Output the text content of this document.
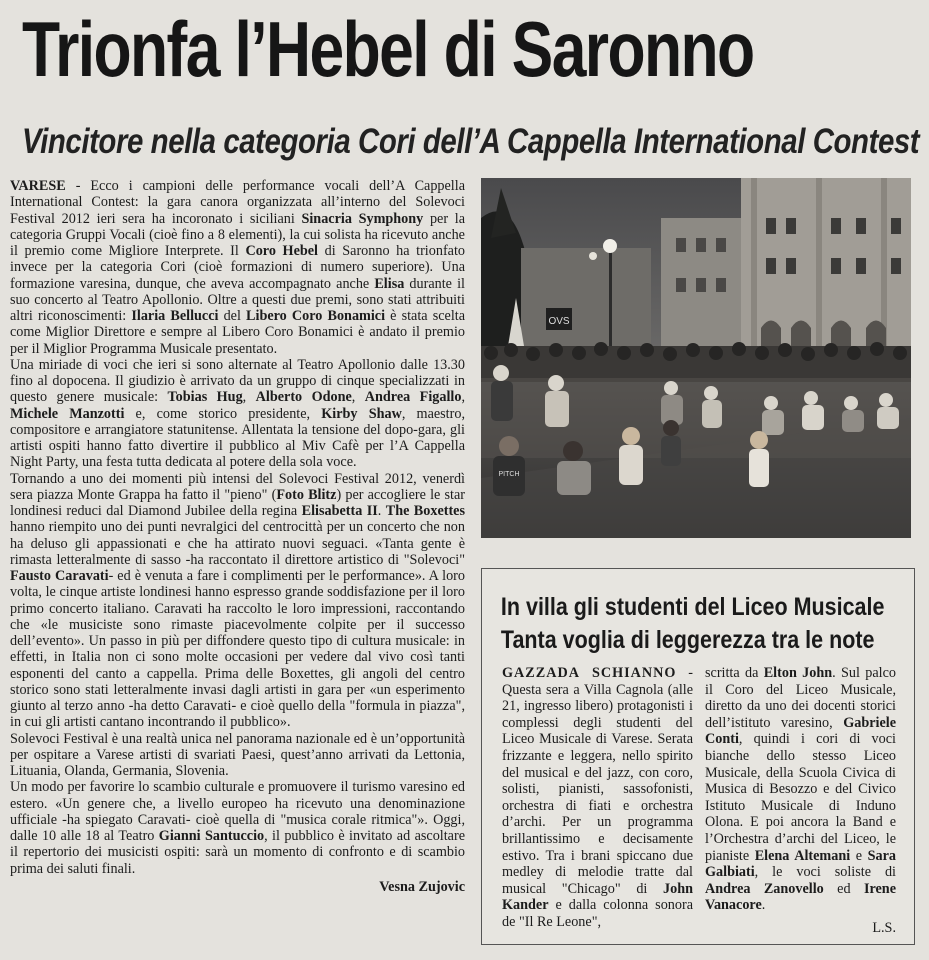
Trionfa l’Hebel di Saronno
Vincitore nella categoria Cori dell’A Cappella International Contest

VARESE - Ecco i campioni delle performance vocali dell’A Cappella International Contest: la gara canora organizzata all’interno del Solevoci Festival 2012 ieri sera ha incoronato i siciliani Sinacria Symphony per la categoria Gruppi Vocali (cioè fino a 8 elementi), la cui solista ha ricevuto anche il premio come Migliore Interprete. Il Coro Hebel di Saronno ha trionfato invece per la categoria Cori (cioè formazioni di numero superiore). Una formazione varesina, dunque, che aveva accompagnato anche Elisa durante il suo concerto al Teatro Apollonio. Oltre a questi due premi, sono stati attribuiti altri riconoscimenti: Ilaria Bellucci del Libero Coro Bonamici è stata scelta come Miglior Direttore e sempre al Libero Coro Bonamici è andato il premio per il Miglior Programma Musicale presentato.

Una miriade di voci che ieri si sono alternate al Teatro Apollonio dalle 13.30 fino al dopocena. Il giudizio è arrivato da un gruppo di cinque specializzati in questo genere musicale: Tobias Hug, Alberto Odone, Andrea Figallo, Michele Manzotti e, come storico presidente, Kirby Shaw, maestro, compositore e arrangiatore statunitense. Allentata la tensione del dopo-gara, gli artisti ospiti hanno fatto divertire il pubblico al Miv Cafè per l’A Cappella Night Party, una festa tutta dedicata al potere della sola voce.

Tornando a uno dei momenti più intensi del Solevoci Festival 2012, venerdì sera piazza Monte Grappa ha fatto il "pieno" (Foto Blitz) per accogliere le star londinesi reduci dal Diamond Jubilee della regina Elisabetta II. The Boxettes hanno riempito uno dei punti nevralgici del centrocittà per un concerto che non ha deluso gli appassionati e che ha attirato nuovi seguaci. «Tanta gente è rimasta letteralmente di sasso -ha raccontato il direttore artistico di "Solevoci" Fausto Caravati- ed è venuta a fare i complimenti per le performance». A loro volta, le cinque artiste londinesi hanno espresso grande soddisfazione per il loro primo concerto italiano. Caravati ha raccolto le loro impressioni, raccontando che «le musiciste sono rimaste piacevolmente colpite per il successo dell’evento». Un passo in più per diffondere questo tipo di cultura musicale: in effetti, in Italia non ci sono molte occasioni per vedere dal vivo così tanti esponenti del canto a cappella. Prima delle Boxettes, gli angoli del centro storico sono stati letteralmente invasi dagli artisti in gara per «un esperimento giunto al terzo anno -ha detto Caravati- e cioè quello della "formula in piazza", in cui gli artisti cantano incontrando il pubblico».

Solevoci Festival è una realtà unica nel panorama nazionale ed è un’opportunità per ospitare a Varese artisti di svariati Paesi, quest’anno arrivati da Lettonia, Lituania, Olanda, Germania, Slovenia.

Un modo per favorire lo scambio culturale e promuovere il turismo varesino ed estero. «Un genere che, a livello europeo ha ricevuto una denominazione ufficiale -ha spiegato Caravati- cioè quella di "musica corale ritmica"». Oggi, dalle 10 alle 18 al Teatro Gianni Santuccio, il pubblico è invitato ad ascoltare il repertorio dei musicisti ospiti: sarà un momento di confronto e di scambio prima dei saluti finali.

Vesna Zujovic

OVS
PITCH
In villa gli studenti del Liceo Musicale
Tanta voglia di leggerezza tra le note

GAZZADA SCHIANNO - Questa sera a Villa Cagnola (alle 21, ingresso libero) protagonisti i complessi degli studenti del Liceo Musicale di Varese. Serata frizzante e leggera, nello spirito del musical e del jazz, con coro, solisti, pianisti, sassofonisti, orchestra di fiati e orchestra d’archi. Per un programma brillantissimo e decisamente estivo. Tra i brani spiccano due medley di melodie tratte dal musical "Chicago" di John Kander e dalla colonna sonora de "Il Re Leone",

scritta da Elton John. Sul palco il Coro del Liceo Musicale, diretto da uno dei docenti storici dell’istituto varesino, Gabriele Conti, quindi i cori di voci bianche dello stesso Liceo Musicale, della Scuola Civica di Musica di Besozzo e del Civico Istituto Musicale di Induno Olona. E poi ancora la Band e l’Orchestra d’archi del Liceo, le pianiste Elena Altemani e Sara Galbiati, le voci soliste di Andrea Zanovello ed Irene Vanacore.

L.S.
